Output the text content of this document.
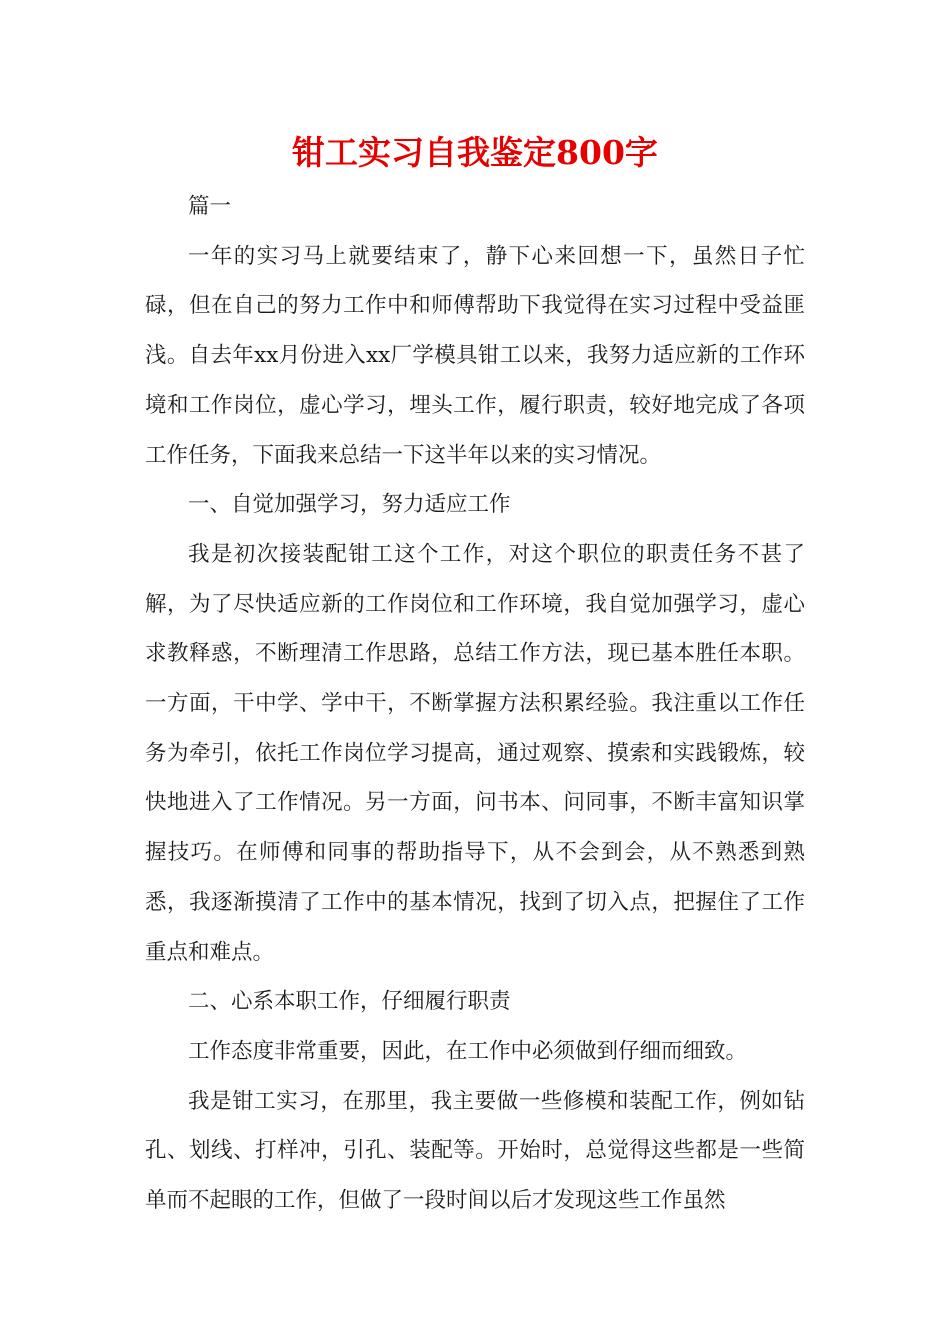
钳工实习自我鉴定800字

篇一

一年的实习马上就要结束了，静下心来回想一下，虽然日子忙碌，但在自己的努力工作中和师傅帮助下我觉得在实习过程中受益匪浅。自去年xx月份进入xx厂学模具钳工以来，我努力适应新的工作环境和工作岗位，虚心学习，埋头工作，履行职责，较好地完成了各项工作任务，下面我来总结一下这半年以来的实习情况。

一、自觉加强学习，努力适应工作

我是初次接装配钳工这个工作，对这个职位的职责任务不甚了解，为了尽快适应新的工作岗位和工作环境，我自觉加强学习，虚心求教释惑，不断理清工作思路，总结工作方法，现已基本胜任本职。一方面，干中学、学中干，不断掌握方法积累经验。我注重以工作任务为牵引，依托工作岗位学习提高，通过观察、摸索和实践锻炼，较快地进入了工作情况。另一方面，问书本、问同事，不断丰富知识掌握技巧。在师傅和同事的帮助指导下，从不会到会，从不熟悉到熟悉，我逐渐摸清了工作中的基本情况，找到了切入点，把握住了工作重点和难点。

二、心系本职工作，仔细履行职责

工作态度非常重要，因此，在工作中必须做到仔细而细致。

我是钳工实习，在那里，我主要做一些修模和装配工作，例如钻孔、划线、打样冲，引孔、装配等。开始时，总觉得这些都是一些简单而不起眼的工作，但做了一段时间以后才发现这些工作虽然
